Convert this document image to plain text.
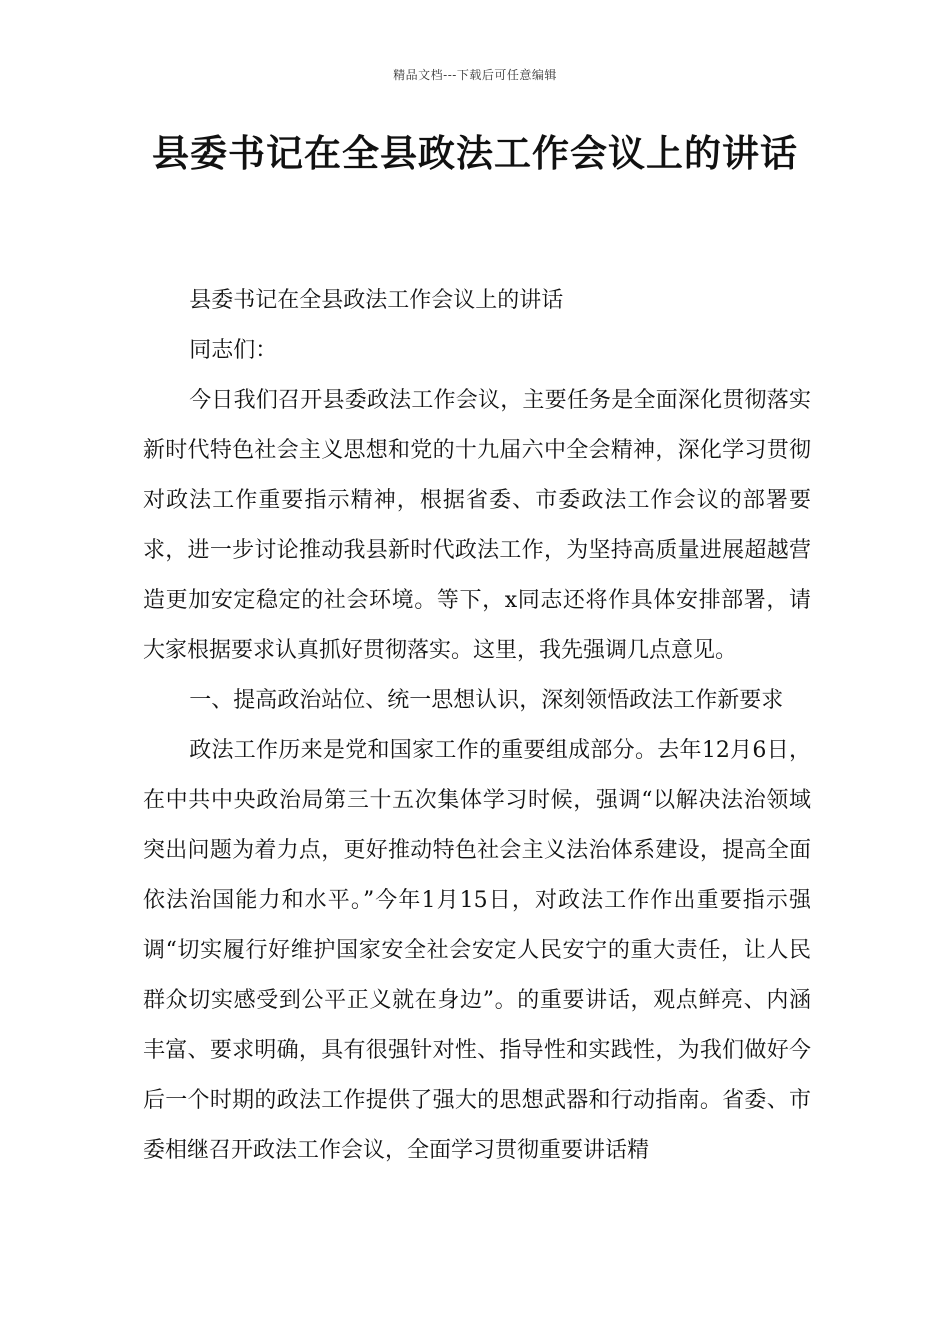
精品文档---下载后可任意编辑
县委书记在全县政法工作会议上的讲话

县委书记在全县政法工作会议上的讲话

同志们：

今日我们召开县委政法工作会议，主要任务是全面深化贯彻落实新时代特色社会主义思想和党的十九届六中全会精神，深化学习贯彻对政法工作重要指示精神，根据省委、市委政法工作会议的部署要求，进一步讨论推动我县新时代政法工作，为坚持高质量进展超越营造更加安定稳定的社会环境。等下，x同志还将作具体安排部署，请大家根据要求认真抓好贯彻落实。这里，我先强调几点意见。

一、提高政治站位、统一思想认识，深刻领悟政法工作新要求

政法工作历来是党和国家工作的重要组成部分。去年12月6日，在中共中央政治局第三十五次集体学习时候，强调“以解决法治领域突出问题为着力点，更好推动特色社会主义法治体系建设，提高全面依法治国能力和水平。”今年1月15日，对政法工作作出重要指示强调“切实履行好维护国家安全社会安定人民安宁的重大责任，让人民群众切实感受到公平正义就在身边”。的重要讲话，观点鲜亮、内涵丰富、要求明确，具有很强针对性、指导性和实践性，为我们做好今后一个时期的政法工作提供了强大的思想武器和行动指南。省委、市委相继召开政法工作会议，全面学习贯彻重要讲话精
